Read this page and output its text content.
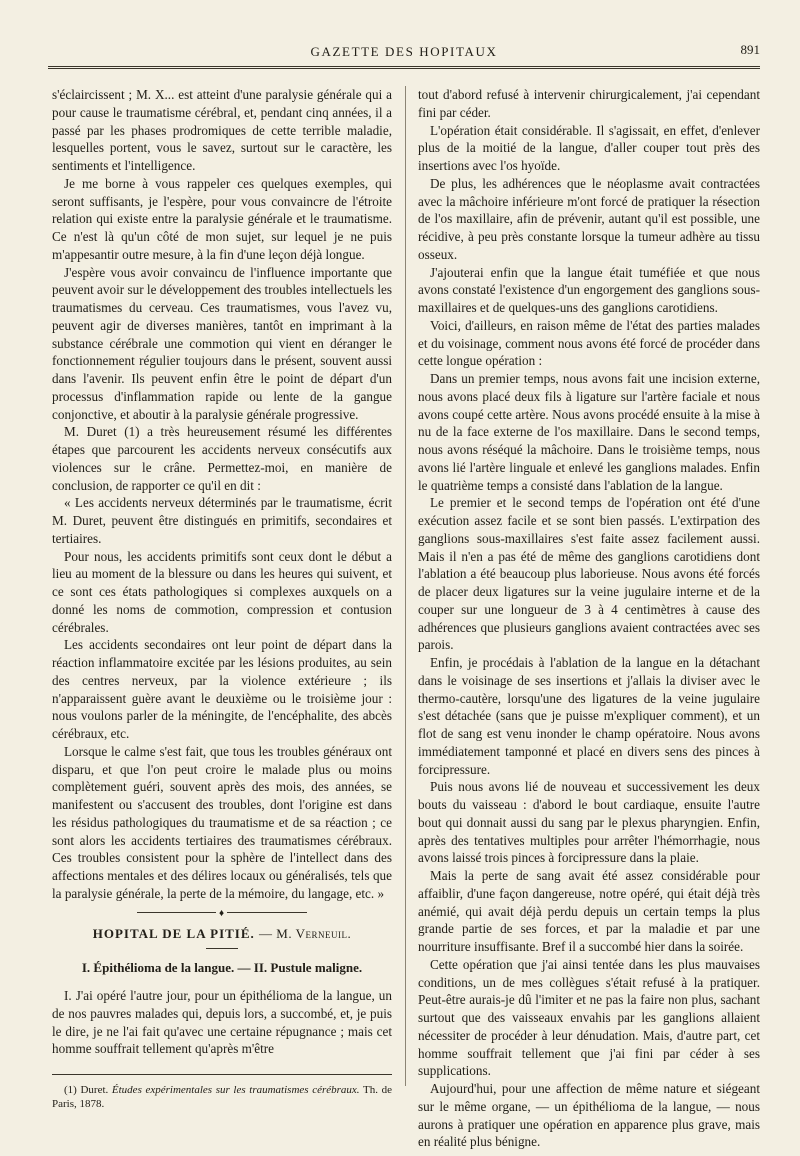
GAZETTE DES HOPITAUX	891

s'éclaircissent ; M. X... est atteint d'une paralysie générale qui a pour cause le traumatisme cérébral, et, pendant cinq années, il a passé par les phases prodromiques de cette terrible maladie, lesquelles portent, vous le savez, surtout sur le caractère, les sentiments et l'intelligence.

Je me borne à vous rappeler ces quelques exemples, qui seront suffisants, je l'espère, pour vous convaincre de l'étroite relation qui existe entre la paralysie générale et le traumatisme. Ce n'est là qu'un côté de mon sujet, sur lequel je ne puis m'appesantir outre mesure, à la fin d'une leçon déjà longue.

J'espère vous avoir convaincu de l'influence importante que peuvent avoir sur le développement des troubles intellectuels les traumatismes du cerveau. Ces traumatismes, vous l'avez vu, peuvent agir de diverses manières, tantôt en imprimant à la substance cérébrale une commotion qui vient en déranger le fonctionnement régulier toujours dans le présent, souvent aussi dans l'avenir. Ils peuvent enfin être le point de départ d'un processus d'inflammation rapide ou lente de la gangue conjonctive, et aboutir à la paralysie générale progressive.

M. Duret (1) a très heureusement résumé les différentes étapes que parcourent les accidents nerveux consécutifs aux violences sur le crâne. Permettez-moi, en manière de conclusion, de rapporter ce qu'il en dit :

« Les accidents nerveux déterminés par le traumatisme, écrit M. Duret, peuvent être distingués en primitifs, secondaires et tertiaires.

Pour nous, les accidents primitifs sont ceux dont le début a lieu au moment de la blessure ou dans les heures qui suivent, et ce sont ces états pathologiques si complexes auxquels on a donné les noms de commotion, compression et contusion cérébrales.

Les accidents secondaires ont leur point de départ dans la réaction inflammatoire excitée par les lésions produites, au sein des centres nerveux, par la violence extérieure ; ils n'apparaissent guère avant le deuxième ou le troisième jour : nous voulons parler de la méningite, de l'encéphalite, des abcès cérébraux, etc.

Lorsque le calme s'est fait, que tous les troubles généraux ont disparu, et que l'on peut croire le malade plus ou moins complètement guéri, souvent après des mois, des années, se manifestent ou s'accusent des troubles, dont l'origine est dans les résidus pathologiques du traumatisme et de sa réaction ; ce sont alors les accidents tertiaires des traumatismes cérébraux. Ces troubles consistent pour la sphère de l'intellect dans des affections mentales et des délires locaux ou généralisés, tels que la paralysie générale, la perte de la mémoire, du langage, etc. »

♦
HOPITAL DE LA PITIÉ. — M. Verneuil.
I. Épithélioma de la langue. — II. Pustule maligne.

I. J'ai opéré l'autre jour, pour un épithélioma de la langue, un de nos pauvres malades qui, depuis lors, a succombé, et, je puis le dire, je ne l'ai fait qu'avec une certaine répugnance ; mais cet homme souffrait tellement qu'après m'être

(1) Duret. Études expérimentales sur les traumatismes cérébraux. Th. de Paris, 1878.

tout d'abord refusé à intervenir chirurgicalement, j'ai cependant fini par céder.

L'opération était considérable. Il s'agissait, en effet, d'enlever plus de la moitié de la langue, d'aller couper tout près des insertions avec l'os hyoïde.

De plus, les adhérences que le néoplasme avait contractées avec la mâchoire inférieure m'ont forcé de pratiquer la résection de l'os maxillaire, afin de prévenir, autant qu'il est possible, une récidive, à peu près constante lorsque la tumeur adhère au tissu osseux.

J'ajouterai enfin que la langue était tuméfiée et que nous avons constaté l'existence d'un engorgement des ganglions sous-maxillaires et de quelques-uns des ganglions carotidiens.

Voici, d'ailleurs, en raison même de l'état des parties malades et du voisinage, comment nous avons été forcé de procéder dans cette longue opération :

Dans un premier temps, nous avons fait une incision externe, nous avons placé deux fils à ligature sur l'artère faciale et nous avons coupé cette artère. Nous avons procédé ensuite à la mise à nu de la face externe de l'os maxillaire. Dans le second temps, nous avons réséqué la mâchoire. Dans le troisième temps, nous avons lié l'artère linguale et enlevé les ganglions malades. Enfin le quatrième temps a consisté dans l'ablation de la langue.

Le premier et le second temps de l'opération ont été d'une exécution assez facile et se sont bien passés. L'extirpation des ganglions sous-maxillaires s'est faite assez facilement aussi. Mais il n'en a pas été de même des ganglions carotidiens dont l'ablation a été beaucoup plus laborieuse. Nous avons été forcés de placer deux ligatures sur la veine jugulaire interne et de la couper sur une longueur de 3 à 4 centimètres à cause des adhérences que plusieurs ganglions avaient contractées avec ses parois.

Enfin, je procédais à l'ablation de la langue en la détachant dans le voisinage de ses insertions et j'allais la diviser avec le thermo-cautère, lorsqu'une des ligatures de la veine jugulaire s'est détachée (sans que je puisse m'expliquer comment), et un flot de sang est venu inonder le champ opératoire. Nous avons immédiatement tamponné et placé en divers sens des pinces à forcipressure.

Puis nous avons lié de nouveau et successivement les deux bouts du vaisseau : d'abord le bout cardiaque, ensuite l'autre bout qui donnait aussi du sang par le plexus pharyngien. Enfin, après des tentatives multiples pour arrêter l'hémorrhagie, nous avons laissé trois pinces à forcipressure dans la plaie.

Mais la perte de sang avait été assez considérable pour affaiblir, d'une façon dangereuse, notre opéré, qui était déjà très anémié, qui avait déjà perdu depuis un certain temps la plus grande partie de ses forces, et par la maladie et par une nourriture insuffisante. Bref il a succombé hier dans la soirée.

Cette opération que j'ai ainsi tentée dans les plus mauvaises conditions, un de mes collègues s'était refusé à la pratiquer. Peut-être aurais-je dû l'imiter et ne pas la faire non plus, sachant surtout que des vaisseaux envahis par les ganglions allaient nécessiter de procéder à leur dénudation. Mais, d'autre part, cet homme souffrait tellement que j'ai fini par céder à ses supplications.

Aujourd'hui, pour une affection de même nature et siégeant sur le même organe, — un épithélioma de la langue, — nous aurons à pratiquer une opération en apparence plus grave, mais en réalité plus bénigne.
